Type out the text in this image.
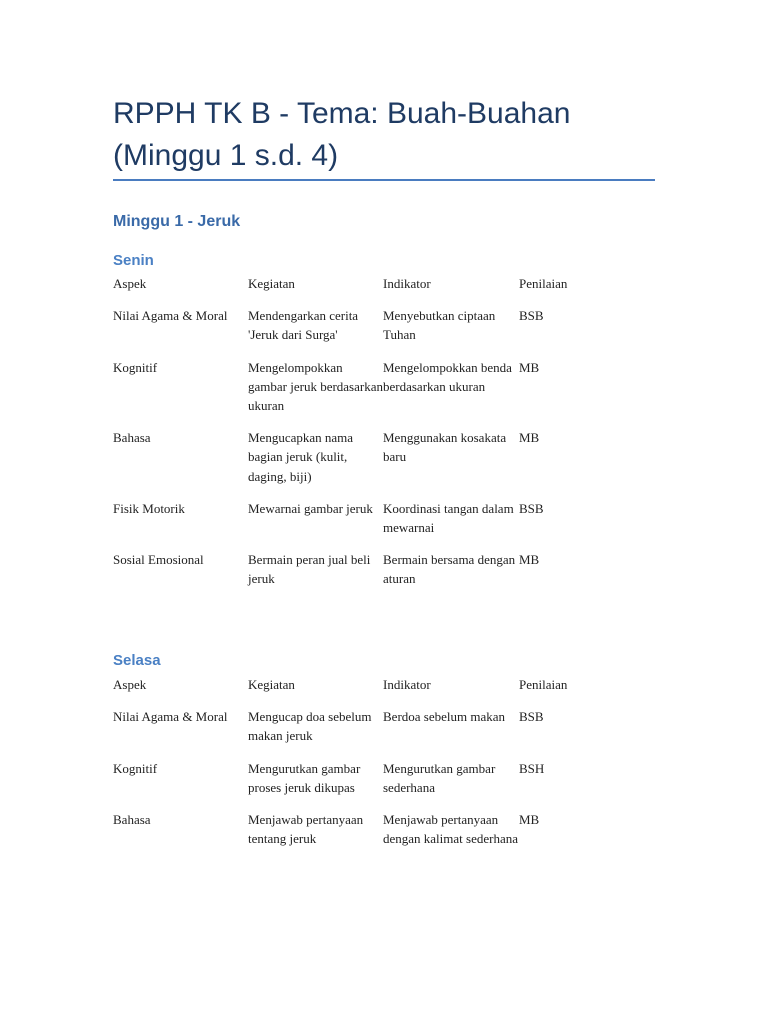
RPPH TK B - Tema: Buah-Buahan
(Minggu 1 s.d. 4)
Minggu 1 - Jeruk
Senin
Aspek	Kegiatan	Indikator	Penilaian
Nilai Agama & Moral	Mendengarkan cerita 'Jeruk dari Surga'	Menyebutkan ciptaan Tuhan	BSB
Kognitif	Mengelompokkan gambar jeruk berdasarkan ukuran	Mengelompokkan benda berdasarkan ukuran	MB
Bahasa	Mengucapkan nama bagian jeruk (kulit, daging, biji)	Menggunakan kosakata baru	MB
Fisik Motorik	Mewarnai gambar jeruk	Koordinasi tangan dalam mewarnai	BSB
Sosial Emosional	Bermain peran jual beli jeruk	Bermain bersama dengan aturan	MB
Selasa
Aspek	Kegiatan	Indikator	Penilaian
Nilai Agama & Moral	Mengucap doa sebelum makan jeruk	Berdoa sebelum makan	BSB
Kognitif	Mengurutkan gambar proses jeruk dikupas	Mengurutkan gambar sederhana	BSH
Bahasa	Menjawab pertanyaan tentang jeruk	Menjawab pertanyaan dengan kalimat sederhana	MB
